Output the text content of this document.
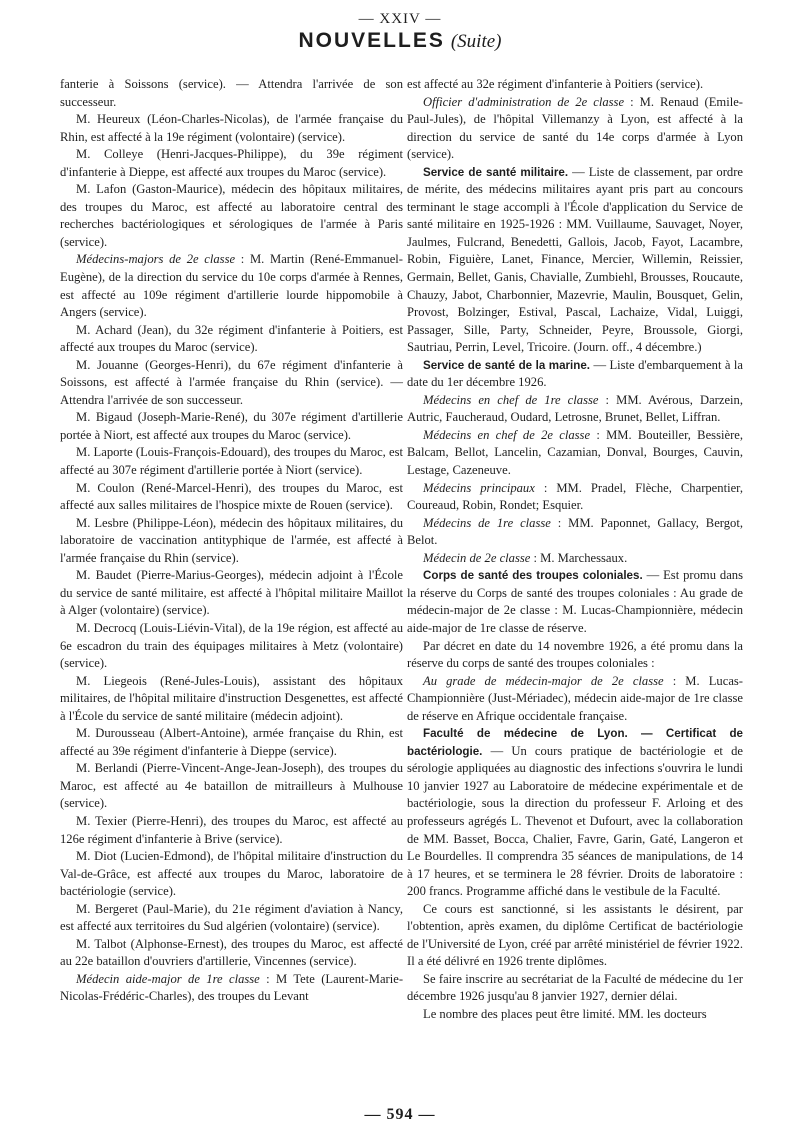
— XXIV —
NOUVELLES (Suite)

fanterie à Soissons (service). — Attendra l'arrivée de son successeur.

M. Heureux (Léon-Charles-Nicolas), de l'armée française du Rhin, est affecté à la 19e régiment (volontaire) (service).

M. Colleye (Henri-Jacques-Philippe), du 39e régiment d'infanterie à Dieppe, est affecté aux troupes du Maroc (service).

M. Lafon (Gaston-Maurice), médecin des hôpitaux militaires, des troupes du Maroc, est affecté au laboratoire central des recherches bactériologiques et sérologiques de l'armée à Paris (service).

Médecins-majors de 2e classe : M. Martin (René-Emmanuel-Eugène), de la direction du service du 10e corps d'armée à Rennes, est affecté au 109e régiment d'artillerie lourde hippomobile à Angers (service).

M. Achard (Jean), du 32e régiment d'infanterie à Poitiers, est affecté aux troupes du Maroc (service).

M. Jouanne (Georges-Henri), du 67e régiment d'infanterie à Soissons, est affecté à l'armée française du Rhin (service). — Attendra l'arrivée de son successeur.

M. Bigaud (Joseph-Marie-René), du 307e régiment d'artillerie portée à Niort, est affecté aux troupes du Maroc (service).

M. Laporte (Louis-François-Edouard), des troupes du Maroc, est affecté au 307e régiment d'artillerie portée à Niort (service).

M. Coulon (René-Marcel-Henri), des troupes du Maroc, est affecté aux salles militaires de l'hospice mixte de Rouen (service).

M. Lesbre (Philippe-Léon), médecin des hôpitaux militaires, du laboratoire de vaccination antityphique de l'armée, est affecté à l'armée française du Rhin (service).

M. Baudet (Pierre-Marius-Georges), médecin adjoint à l'École du service de santé militaire, est affecté à l'hôpital militaire Maillot à Alger (volontaire) (service).

M. Decrocq (Louis-Liévin-Vital), de la 19e région, est affecté au 6e escadron du train des équipages militaires à Metz (volontaire) (service).

M. Liegeois (René-Jules-Louis), assistant des hôpitaux militaires, de l'hôpital militaire d'instruction Desgenettes, est affecté à l'École du service de santé militaire (médecin adjoint).

M. Durousseau (Albert-Antoine), armée française du Rhin, est affecté au 39e régiment d'infanterie à Dieppe (service).

M. Berlandi (Pierre-Vincent-Ange-Jean-Joseph), des troupes du Maroc, est affecté au 4e bataillon de mitrailleurs à Mulhouse (service).

M. Texier (Pierre-Henri), des troupes du Maroc, est affecté au 126e régiment d'infanterie à Brive (service).

M. Diot (Lucien-Edmond), de l'hôpital militaire d'instruction du Val-de-Grâce, est affecté aux troupes du Maroc, laboratoire de bactériologie (service).

M. Bergeret (Paul-Marie), du 21e régiment d'aviation à Nancy, est affecté aux territoires du Sud algérien (volontaire) (service).

M. Talbot (Alphonse-Ernest), des troupes du Maroc, est affecté au 22e bataillon d'ouvriers d'artillerie, Vincennes (service).

Médecin aide-major de 1re classe : M Tete (Laurent-Marie-Nicolas-Frédéric-Charles), des troupes du Levant

est affecté au 32e régiment d'infanterie à Poitiers (service).

Officier d'administration de 2e classe : M. Renaud (Emile-Paul-Jules), de l'hôpital Villemanzy à Lyon, est affecté à la direction du service de santé du 14e corps d'armée à Lyon (service).

Service de santé militaire. — Liste de classement, par ordre de mérite, des médecins militaires ayant pris part au concours terminant le stage accompli à l'École d'application du Service de santé militaire en 1925-1926 : MM. Vuillaume, Sauvaget, Noyer, Jaulmes, Fulcrand, Benedetti, Gallois, Jacob, Fayot, Lacambre, Robin, Figuière, Lanet, Finance, Mercier, Willemin, Reissier, Germain, Bellet, Ganis, Chavialle, Zumbiehl, Brousses, Roucaute, Chauzy, Jabot, Charbonnier, Mazevrie, Maulin, Bousquet, Gelin, Provost, Bolzinger, Estival, Pascal, Lachaize, Vidal, Luiggi, Passager, Sille, Party, Schneider, Peyre, Broussole, Giorgi, Sautriau, Perrin, Level, Tricoire. (Journ. off., 4 décembre.)

Service de santé de la marine. — Liste d'embarquement à la date du 1er décembre 1926.

Médecins en chef de 1re classe : MM. Avérous, Darzein, Autric, Faucheraud, Oudard, Letrosne, Brunet, Bellet, Liffran.

Médecins en chef de 2e classe : MM. Bouteiller, Bessière, Balcam, Bellot, Lancelin, Cazamian, Donval, Bourges, Cauvin, Lestage, Cazeneuve.

Médecins principaux : MM. Pradel, Flèche, Charpentier, Coureaud, Robin, Rondet; Esquier.

Médecins de 1re classe : MM. Paponnet, Gallacy, Bergot, Belot.

Médecin de 2e classe : M. Marchessaux.

Corps de santé des troupes coloniales. — Est promu dans la réserve du Corps de santé des troupes coloniales : Au grade de médecin-major de 2e classe : M. Lucas-Championnière, médecin aide-major de 1re classe de réserve.

Par décret en date du 14 novembre 1926, a été promu dans la réserve du corps de santé des troupes coloniales :

Au grade de médecin-major de 2e classe : M. Lucas-Championnière (Just-Mériadec), médecin aide-major de 1re classe de réserve en Afrique occidentale française.

Faculté de médecine de Lyon. — Certificat de bactériologie. — Un cours pratique de bactériologie et de sérologie appliquées au diagnostic des infections s'ouvrira le lundi 10 janvier 1927 au Laboratoire de médecine expérimentale et de bactériologie, sous la direction du professeur F. Arloing et des professeurs agrégés L. Thevenot et Dufourt, avec la collaboration de MM. Basset, Bocca, Chalier, Favre, Garin, Gaté, Langeron et Le Bourdelles. Il comprendra 35 séances de manipulations, de 14 à 17 heures, et se terminera le 28 février. Droits de laboratoire : 200 francs. Programme affiché dans le vestibule de la Faculté.

Ce cours est sanctionné, si les assistants le désirent, par l'obtention, après examen, du diplôme Certificat de bactériologie de l'Université de Lyon, créé par arrêté ministériel de février 1922. Il a été délivré en 1926 trente diplômes.

Se faire inscrire au secrétariat de la Faculté de médecine du 1er décembre 1926 jusqu'au 8 janvier 1927, dernier délai.

Le nombre des places peut être limité. MM. les docteurs

— 594 —
